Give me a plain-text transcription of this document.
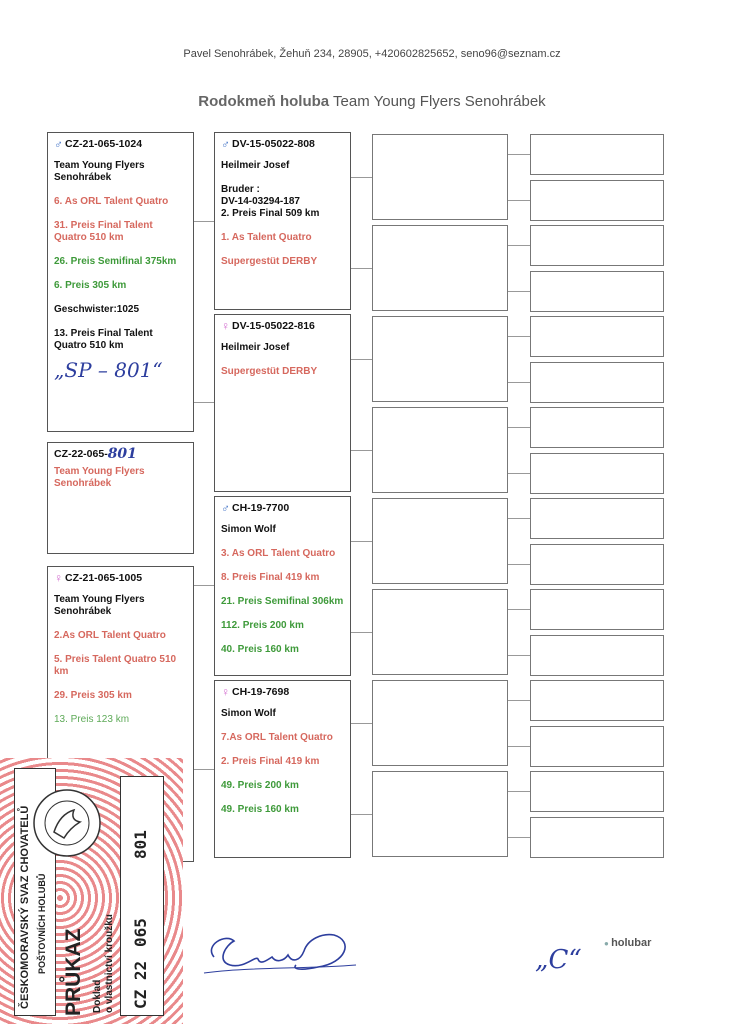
Pavel Senohrábek, Žehuň 234, 28905, +420602825652, seno96@seznam.cz
Rodokmeň holuba Team Young Flyers Senohrábek
♂ CZ-21-065-1024
Team Young Flyers Senohrábek
6. As ORL Talent Quatro
31. Preis Final Talent Quatro 510 km
26. Preis Semifinal 375km
6. Preis 305 km
Geschwister:1025
13. Preis Final Talent Quatro 510 km
„SP – 801“
CZ-22-065- 801
Team Young Flyers Senohrábek
♀ CZ-21-065-1005
Team Young Flyers Senohrábek
2.As ORL Talent Quatro
5. Preis Talent Quatro 510 km
29. Preis 305 km
13. Preis 123 km
♂ DV-15-05022-808
Heilmeir Josef
Bruder :
DV-14-03294-187
2. Preis Final 509 km
1. As Talent Quatro
Supergestüt DERBY
♀ DV-15-05022-816
Heilmeir Josef
Supergestüt DERBY
♂ CH-19-7700
Simon Wolf
3. As ORL Talent Quatro
8. Preis Final 419 km
21. Preis Semifinal 306km
112. Preis 200 km
40. Preis 160 km
♀ CH-19-7698
Simon Wolf
7.As ORL Talent Quatro
2. Preis Final 419 km
49. Preis 200 km
49. Preis 160 km
ČESKOMORAVSKÝ SVAZ CHOVATELŮ POŠTOVNÍCH HOLUBŮ PRŮKAZ Doklad o vlastnictví kroužku CZ 22
065
801
„C“
● holubar
